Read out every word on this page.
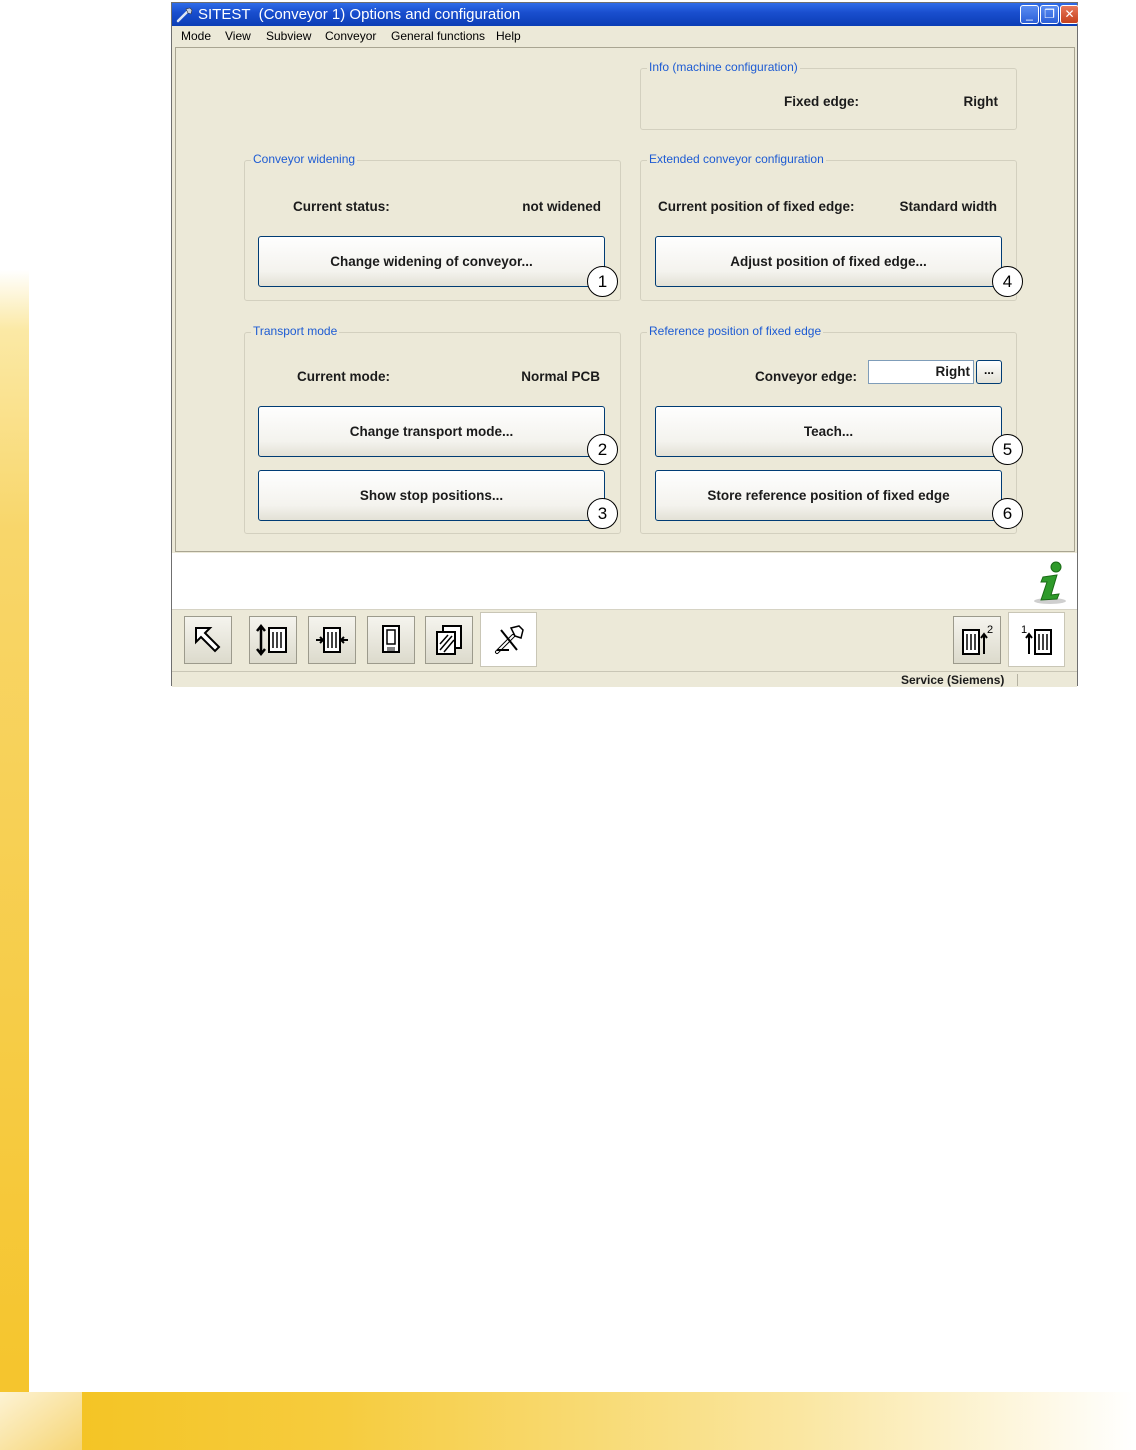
SITEST  (Conveyor 1) Options and configuration	_ ❐ ✕
Mode View Subview Conveyor General functions Help
Info (machine configuration)
Fixed edge:	Right
Conveyor widening
Current status:	not widened
Change widening of conveyor...
1
Extended conveyor configuration
Current position of fixed edge:	Standard width
Adjust position of fixed edge...
4
Transport mode
Current mode:	Normal PCB
Change transport mode...
2
Show stop positions...
3
Reference position of fixed edge
Conveyor edge:	Right	...
Teach...
5
Store reference position of fixed edge
6
2 1
Service (Siemens)
